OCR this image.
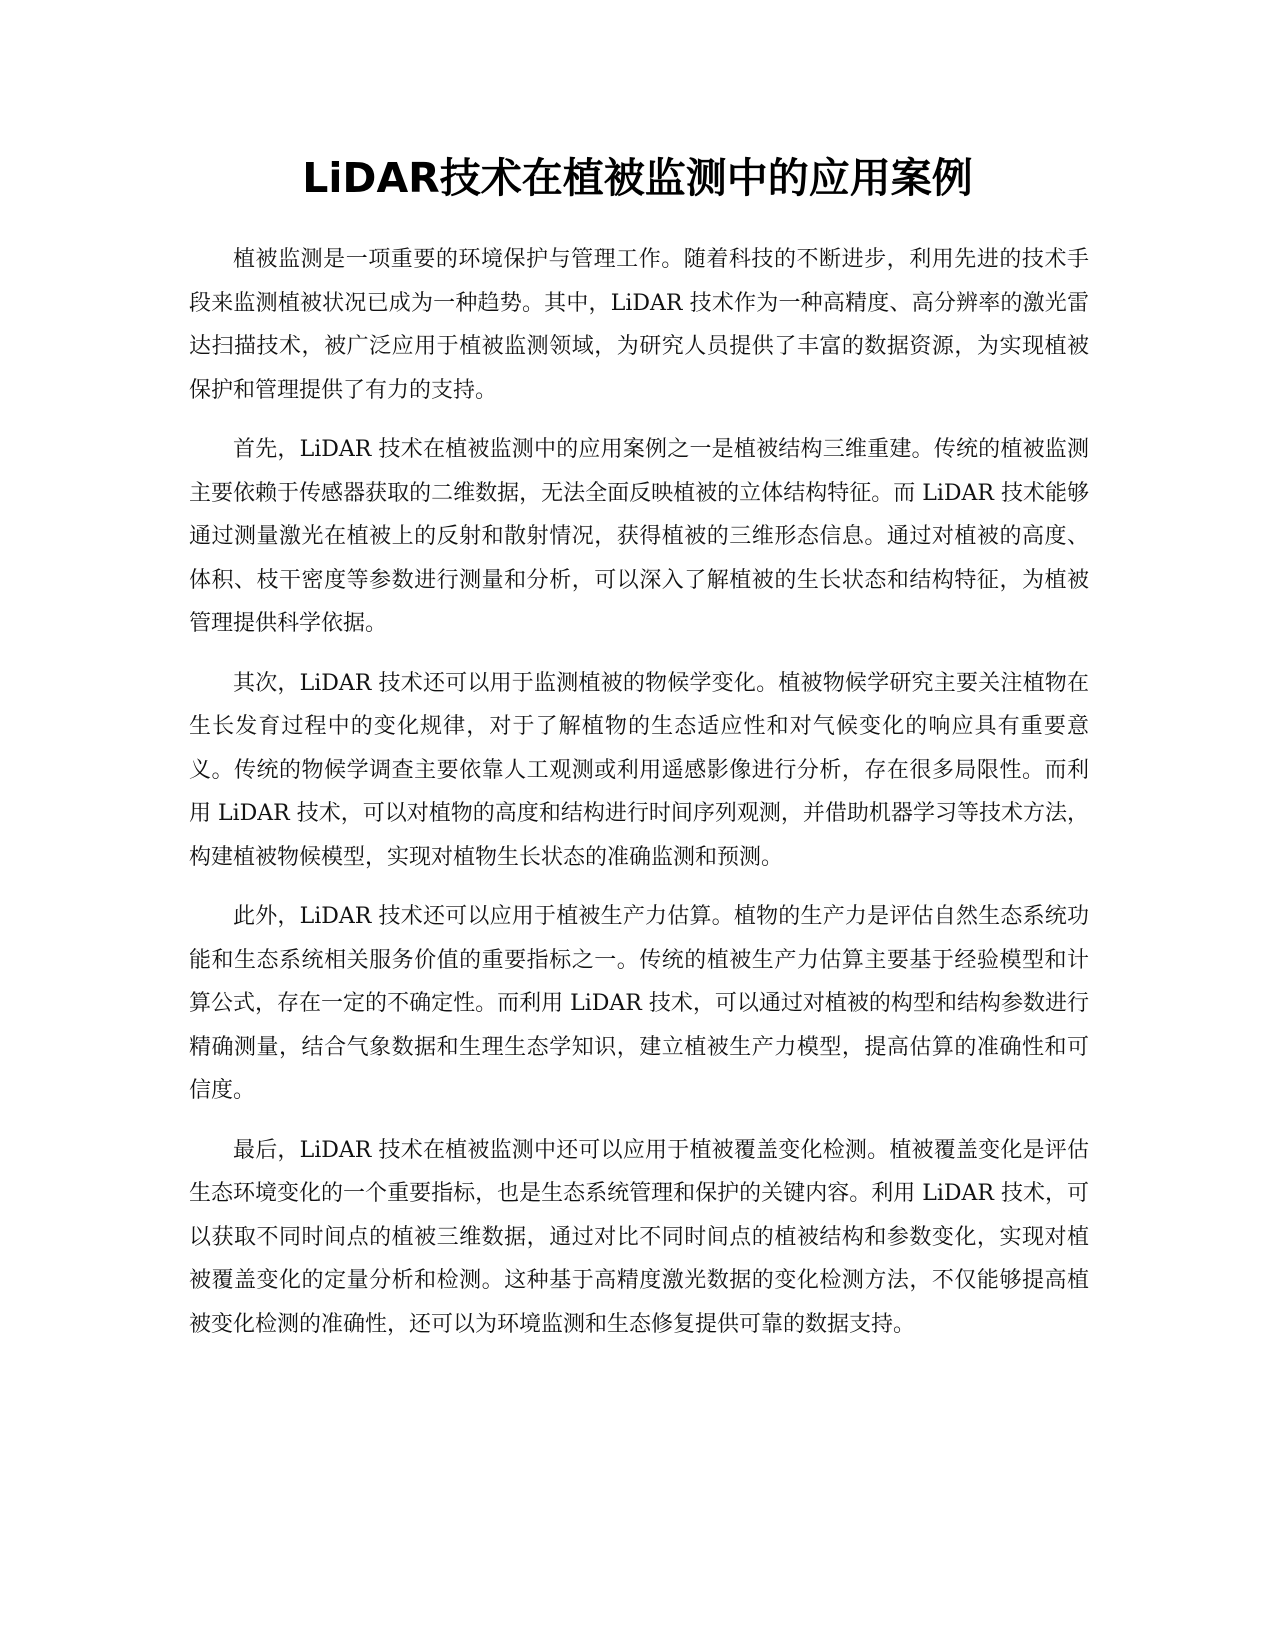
LiDAR技术在植被监测中的应用案例

植被监测是一项重要的环境保护与管理工作。随着科技的不断进步，利用先进的技术手段来监测植被状况已成为一种趋势。其中，LiDAR 技术作为一种高精度、高分辨率的激光雷达扫描技术，被广泛应用于植被监测领域，为研究人员提供了丰富的数据资源，为实现植被保护和管理提供了有力的支持。

首先，LiDAR 技术在植被监测中的应用案例之一是植被结构三维重建。传统的植被监测主要依赖于传感器获取的二维数据，无法全面反映植被的立体结构特征。而 LiDAR 技术能够通过测量激光在植被上的反射和散射情况，获得植被的三维形态信息。通过对植被的高度、体积、枝干密度等参数进行测量和分析，可以深入了解植被的生长状态和结构特征，为植被管理提供科学依据。

其次，LiDAR 技术还可以用于监测植被的物候学变化。植被物候学研究主要关注植物在生长发育过程中的变化规律，对于了解植物的生态适应性和对气候变化的响应具有重要意义。传统的物候学调查主要依靠人工观测或利用遥感影像进行分析，存在很多局限性。而利用 LiDAR 技术，可以对植物的高度和结构进行时间序列观测，并借助机器学习等技术方法，构建植被物候模型，实现对植物生长状态的准确监测和预测。

此外，LiDAR 技术还可以应用于植被生产力估算。植物的生产力是评估自然生态系统功能和生态系统相关服务价值的重要指标之一。传统的植被生产力估算主要基于经验模型和计算公式，存在一定的不确定性。而利用 LiDAR 技术，可以通过对植被的构型和结构参数进行精确测量，结合气象数据和生理生态学知识，建立植被生产力模型，提高估算的准确性和可信度。

最后，LiDAR 技术在植被监测中还可以应用于植被覆盖变化检测。植被覆盖变化是评估生态环境变化的一个重要指标，也是生态系统管理和保护的关键内容。利用 LiDAR 技术，可以获取不同时间点的植被三维数据，通过对比不同时间点的植被结构和参数变化，实现对植被覆盖变化的定量分析和检测。这种基于高精度激光数据的变化检测方法，不仅能够提高植被变化检测的准确性，还可以为环境监测和生态修复提供可靠的数据支持。
